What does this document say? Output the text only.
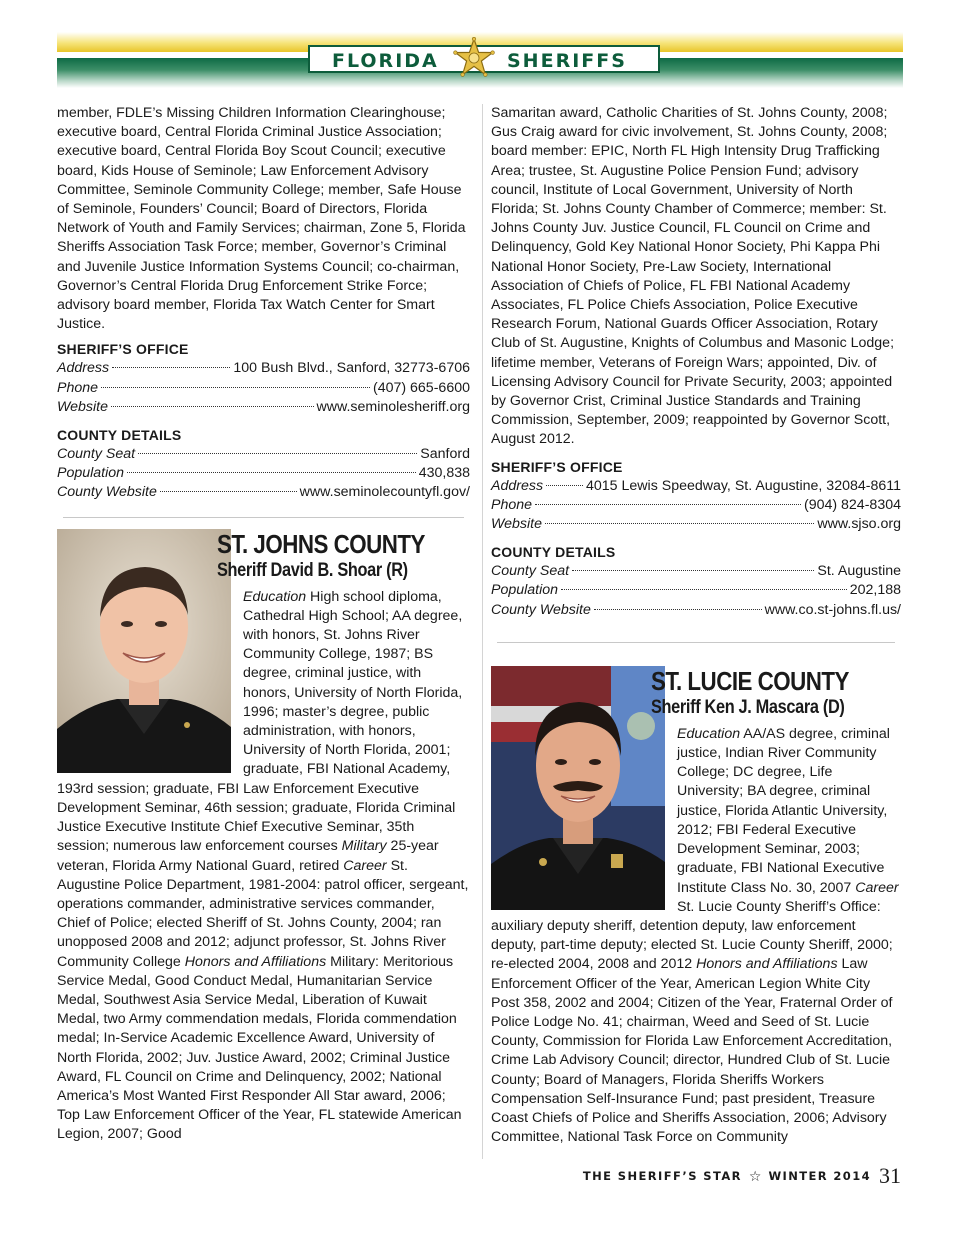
FLORIDA	SHERIFFS

member, FDLE’s Missing Children Information Clearinghouse; executive board, Central Florida Criminal Justice Association; executive board, Central Florida Boy Scout Council; executive board, Kids House of Seminole; Law Enforcement Advisory Committee, Seminole Community College; member, Safe House of Seminole, Founders’ Council; Board of Directors, Florida Network of Youth and Family Services; chairman, Zone 5, Florida Sheriffs Association Task Force; member, Governor’s Criminal and Juvenile Justice Information Systems Council; co-chairman, Governor’s Central Florida Drug Enforcement Strike Force; advisory board member, Florida Tax Watch Center for Smart Justice.

SHERIFF’S OFFICE
Address	100 Bush Blvd., Sanford, 32773-6706
Phone	(407) 665-6600
Website	www.seminolesheriff.org
COUNTY DETAILS
County Seat	Sanford
Population	430,838
County Website	www.seminolecountyfl.gov/
ST. JOHNS COUNTY
Sheriff David B. Shoar (R)

Education High school diploma, Cathedral High School; AA degree, with honors, St. Johns River Community College, 1987; BS degree, criminal justice, with honors, University of North Florida, 1996; master’s degree, public administration, with honors, University of North Florida, 2001; graduate, FBI National Academy, 193rd session; graduate, FBI Law Enforcement Executive Development Seminar, 46th session; graduate, Florida Criminal Justice Executive Institute Chief Executive Seminar, 35th session; numerous law enforcement courses Military 25-year veteran, Florida Army National Guard, retired Career St. Augustine Police Department, 1981-2004: patrol officer, sergeant, operations commander, administrative services commander, Chief of Police; elected Sheriff of St. Johns County, 2004; ran unopposed 2008 and 2012; adjunct professor, St. Johns River Community College Honors and Affiliations Military: Meritorious Service Medal, Good Conduct Medal, Humanitarian Service Medal, Southwest Asia Service Medal, Liberation of Kuwait Medal, two Army commendation medals, Florida commendation medal; In-Service Academic Excellence Award, University of North Florida, 2002; Juv. Justice Award, 2002; Criminal Justice Award, FL Council on Crime and Delinquency, 2002; National America’s Most Wanted First Responder All Star award, 2006; Top Law Enforcement Officer of the Year, FL statewide American Legion, 2007; Good

Samaritan award, Catholic Charities of St. Johns County, 2008; Gus Craig award for civic involvement, St. Johns County, 2008; board member: EPIC, North FL High Intensity Drug Trafficking Area; trustee, St. Augustine Police Pension Fund; advisory council, Institute of Local Government, University of North Florida; St. Johns County Chamber of Commerce; member: St. Johns County Juv. Justice Council, FL Council on Crime and Delinquency, Gold Key National Honor Society, Phi Kappa Phi National Honor Society, Pre-Law Society, International Association of Chiefs of Police, FL FBI National Academy Associates, FL Police Chiefs Association, Police Executive Research Forum, National Guards Officer Association, Rotary Club of St. Augustine, Knights of Columbus and Masonic Lodge; lifetime member, Veterans of Foreign Wars; appointed, Div. of Licensing Advisory Council for Private Security, 2003; appointed by Governor Crist, Criminal Justice Standards and Training Commission, September, 2009; reappointed by Governor Scott, August 2012.

SHERIFF’S OFFICE
Address	4015 Lewis Speedway, St. Augustine, 32084-8611
Phone	(904) 824-8304
Website	www.sjso.org
COUNTY DETAILS
County Seat	St. Augustine
Population	202,188
County Website	www.co.st-johns.fl.us/
ST. LUCIE COUNTY
Sheriff Ken J. Mascara (D)

Education AA/AS degree, criminal justice, Indian River Community College; DC degree, Life University; BA degree, criminal justice, Florida Atlantic University, 2012; FBI Federal Executive Development Seminar, 2003; graduate, FBI National Executive Institute Class No. 30, 2007 Career St. Lucie County Sheriff’s Office: auxiliary deputy sheriff, detention deputy, law enforcement deputy, part-time deputy; elected St. Lucie County Sheriff, 2000; re-elected 2004, 2008 and 2012 Honors and Affiliations Law Enforcement Officer of the Year, American Legion White City Post 358, 2002 and 2004; Citizen of the Year, Fraternal Order of Police Lodge No. 41; chairman, Weed and Seed of St. Lucie County, Commission for Florida Law Enforcement Accreditation, Crime Lab Advisory Council; director, Hundred Club of St. Lucie County; Board of Managers, Florida Sheriffs Workers Compensation Self-Insurance Fund; past president, Treasure Coast Chiefs of Police and Sheriffs Association, 2006; Advisory Committee, National Task Force on Community

THE SHERIFF’S STAR ☆ WINTER 2014 31
